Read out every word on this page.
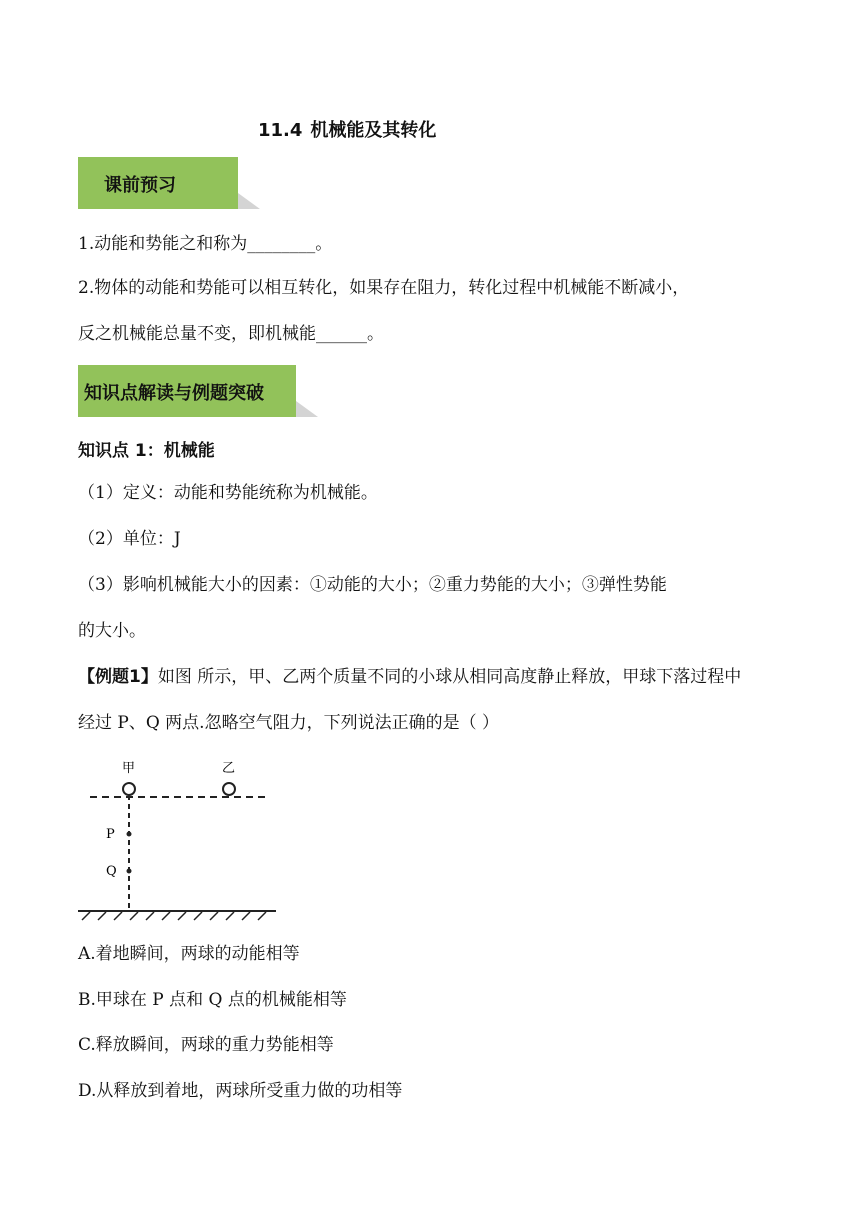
11.4 机械能及其转化
课前预习
1.动能和势能之和称为________。
2.物体的动能和势能可以相互转化，如果存在阻力，转化过程中机械能不断减小，
反之机械能总量不变，即机械能______。
知识点解读与例题突破
知识点 1：机械能
（1）定义：动能和势能统称为机械能。
（2）单位：J
（3）影响机械能大小的因素：①动能的大小；②重力势能的大小；③弹性势能
的大小。
【例题1】如图 所示，甲、乙两个质量不同的小球从相同高度静止释放，甲球下落过程中
经过 P、Q 两点.忽略空气阻力，下列说法正确的是（ ）
甲	乙
P
Q
A.着地瞬间，两球的动能相等
B.甲球在 P 点和 Q 点的机械能相等
C.释放瞬间，两球的重力势能相等
D.从释放到着地，两球所受重力做的功相等
